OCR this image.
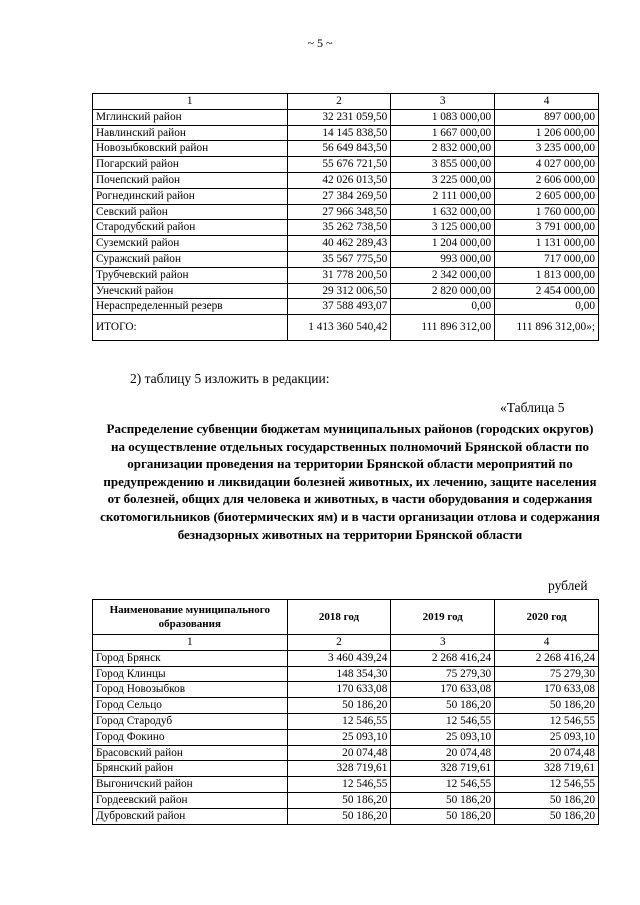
~ 5 ~
1	2	3	4
Мглинский район	32 231 059,50	1 083 000,00	897 000,00
Навлинский район	14 145 838,50	1 667 000,00	1 206 000,00
Новозыбковский район	56 649 843,50	2 832 000,00	3 235 000,00
Погарский район	55 676 721,50	3 855 000,00	4 027 000,00
Почепский район	42 026 013,50	3 225 000,00	2 606 000,00
Рогнединский район	27 384 269,50	2 111 000,00	2 605 000,00
Севский район	27 966 348,50	1 632 000,00	1 760 000,00
Стародубский район	35 262 738,50	3 125 000,00	3 791 000,00
Суземский район	40 462 289,43	1 204 000,00	1 131 000,00
Суражский район	35 567 775,50	993 000,00	717 000,00
Трубчевский район	31 778 200,50	2 342 000,00	1 813 000,00
Унечский район	29 312 006,50	2 820 000,00	2 454 000,00
Нераспределенный резерв	37 588 493,07	0,00	0,00
ИТОГО:	1 413 360 540,42	111 896 312,00	111 896 312,00»;
2) таблицу 5 изложить в редакции:
«Таблица 5
Распределение субвенции бюджетам муниципальных районов (городских округов) на осуществление отдельных государственных полномочий Брянской области по организации проведения на территории Брянской области мероприятий по предупреждению и ликвидации болезней животных, их лечению, защите населения от болезней, общих для человека и животных, в части оборудования и содержания скотомогильников (биотермических ям) и в части организации отлова и содержания безнадзорных животных на территории Брянской области
рублей
Наименование муниципального образования	2018 год	2019 год	2020 год
1	2	3	4
Город Брянск	3 460 439,24	2 268 416,24	2 268 416,24
Город Клинцы	148 354,30	75 279,30	75 279,30
Город Новозыбков	170 633,08	170 633,08	170 633,08
Город Сельцо	50 186,20	50 186,20	50 186,20
Город Стародуб	12 546,55	12 546,55	12 546,55
Город Фокино	25 093,10	25 093,10	25 093,10
Брасовский район	20 074,48	20 074,48	20 074,48
Брянский район	328 719,61	328 719,61	328 719,61
Выгоничский район	12 546,55	12 546,55	12 546,55
Гордеевский район	50 186,20	50 186,20	50 186,20
Дубровский район	50 186,20	50 186,20	50 186,20
